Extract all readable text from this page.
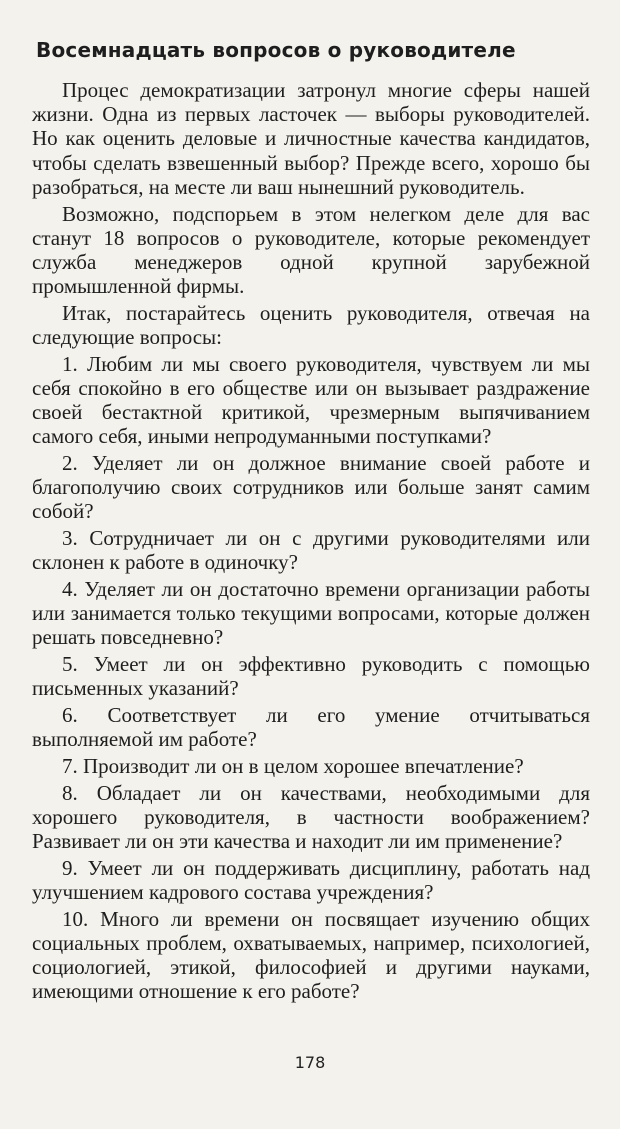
Восемнадцать вопросов о руководителе

Процес демократизации затронул многие сферы нашей жизни. Одна из первых ласточек — выборы руководителей. Но как оценить деловые и личностные качества кандидатов, чтобы сделать взвешенный выбор? Прежде всего, хорошо бы разобраться, на месте ли ваш нынешний руководитель.

Возможно, подспорьем в этом нелегком деле для вас станут 18 вопросов о руководителе, которые рекомендует служба менеджеров одной крупной зарубежной промышленной фирмы.

Итак, постарайтесь оценить руководителя, отвечая на следующие вопросы:

1. Любим ли мы своего руководителя, чувствуем ли мы себя спокойно в его обществе или он вызывает раздражение своей бестактной критикой, чрезмерным выпячиванием самого себя, иными непродуманными поступками?

2. Уделяет ли он должное внимание своей работе и благополучию своих сотрудников или больше занят самим собой?

3. Сотрудничает ли он с другими руководителями или склонен к работе в одиночку?

4. Уделяет ли он достаточно времени организации работы или занимается только текущими вопросами, которые должен решать повседневно?

5. Умеет ли он эффективно руководить с помощью письменных указаний?

6. Соответствует ли его умение отчитываться выполняемой им работе?

7. Производит ли он в целом хорошее впечатление?

8. Обладает ли он качествами, необходимыми для хорошего руководителя, в частности воображением? Развивает ли он эти качества и находит ли им применение?

9. Умеет ли он поддерживать дисциплину, работать над улучшением кадрового состава учреждения?

10. Много ли времени он посвящает изучению общих социальных проблем, охватываемых, например, психологией, социологией, этикой, философией и другими науками, имеющими отношение к его работе?

178
